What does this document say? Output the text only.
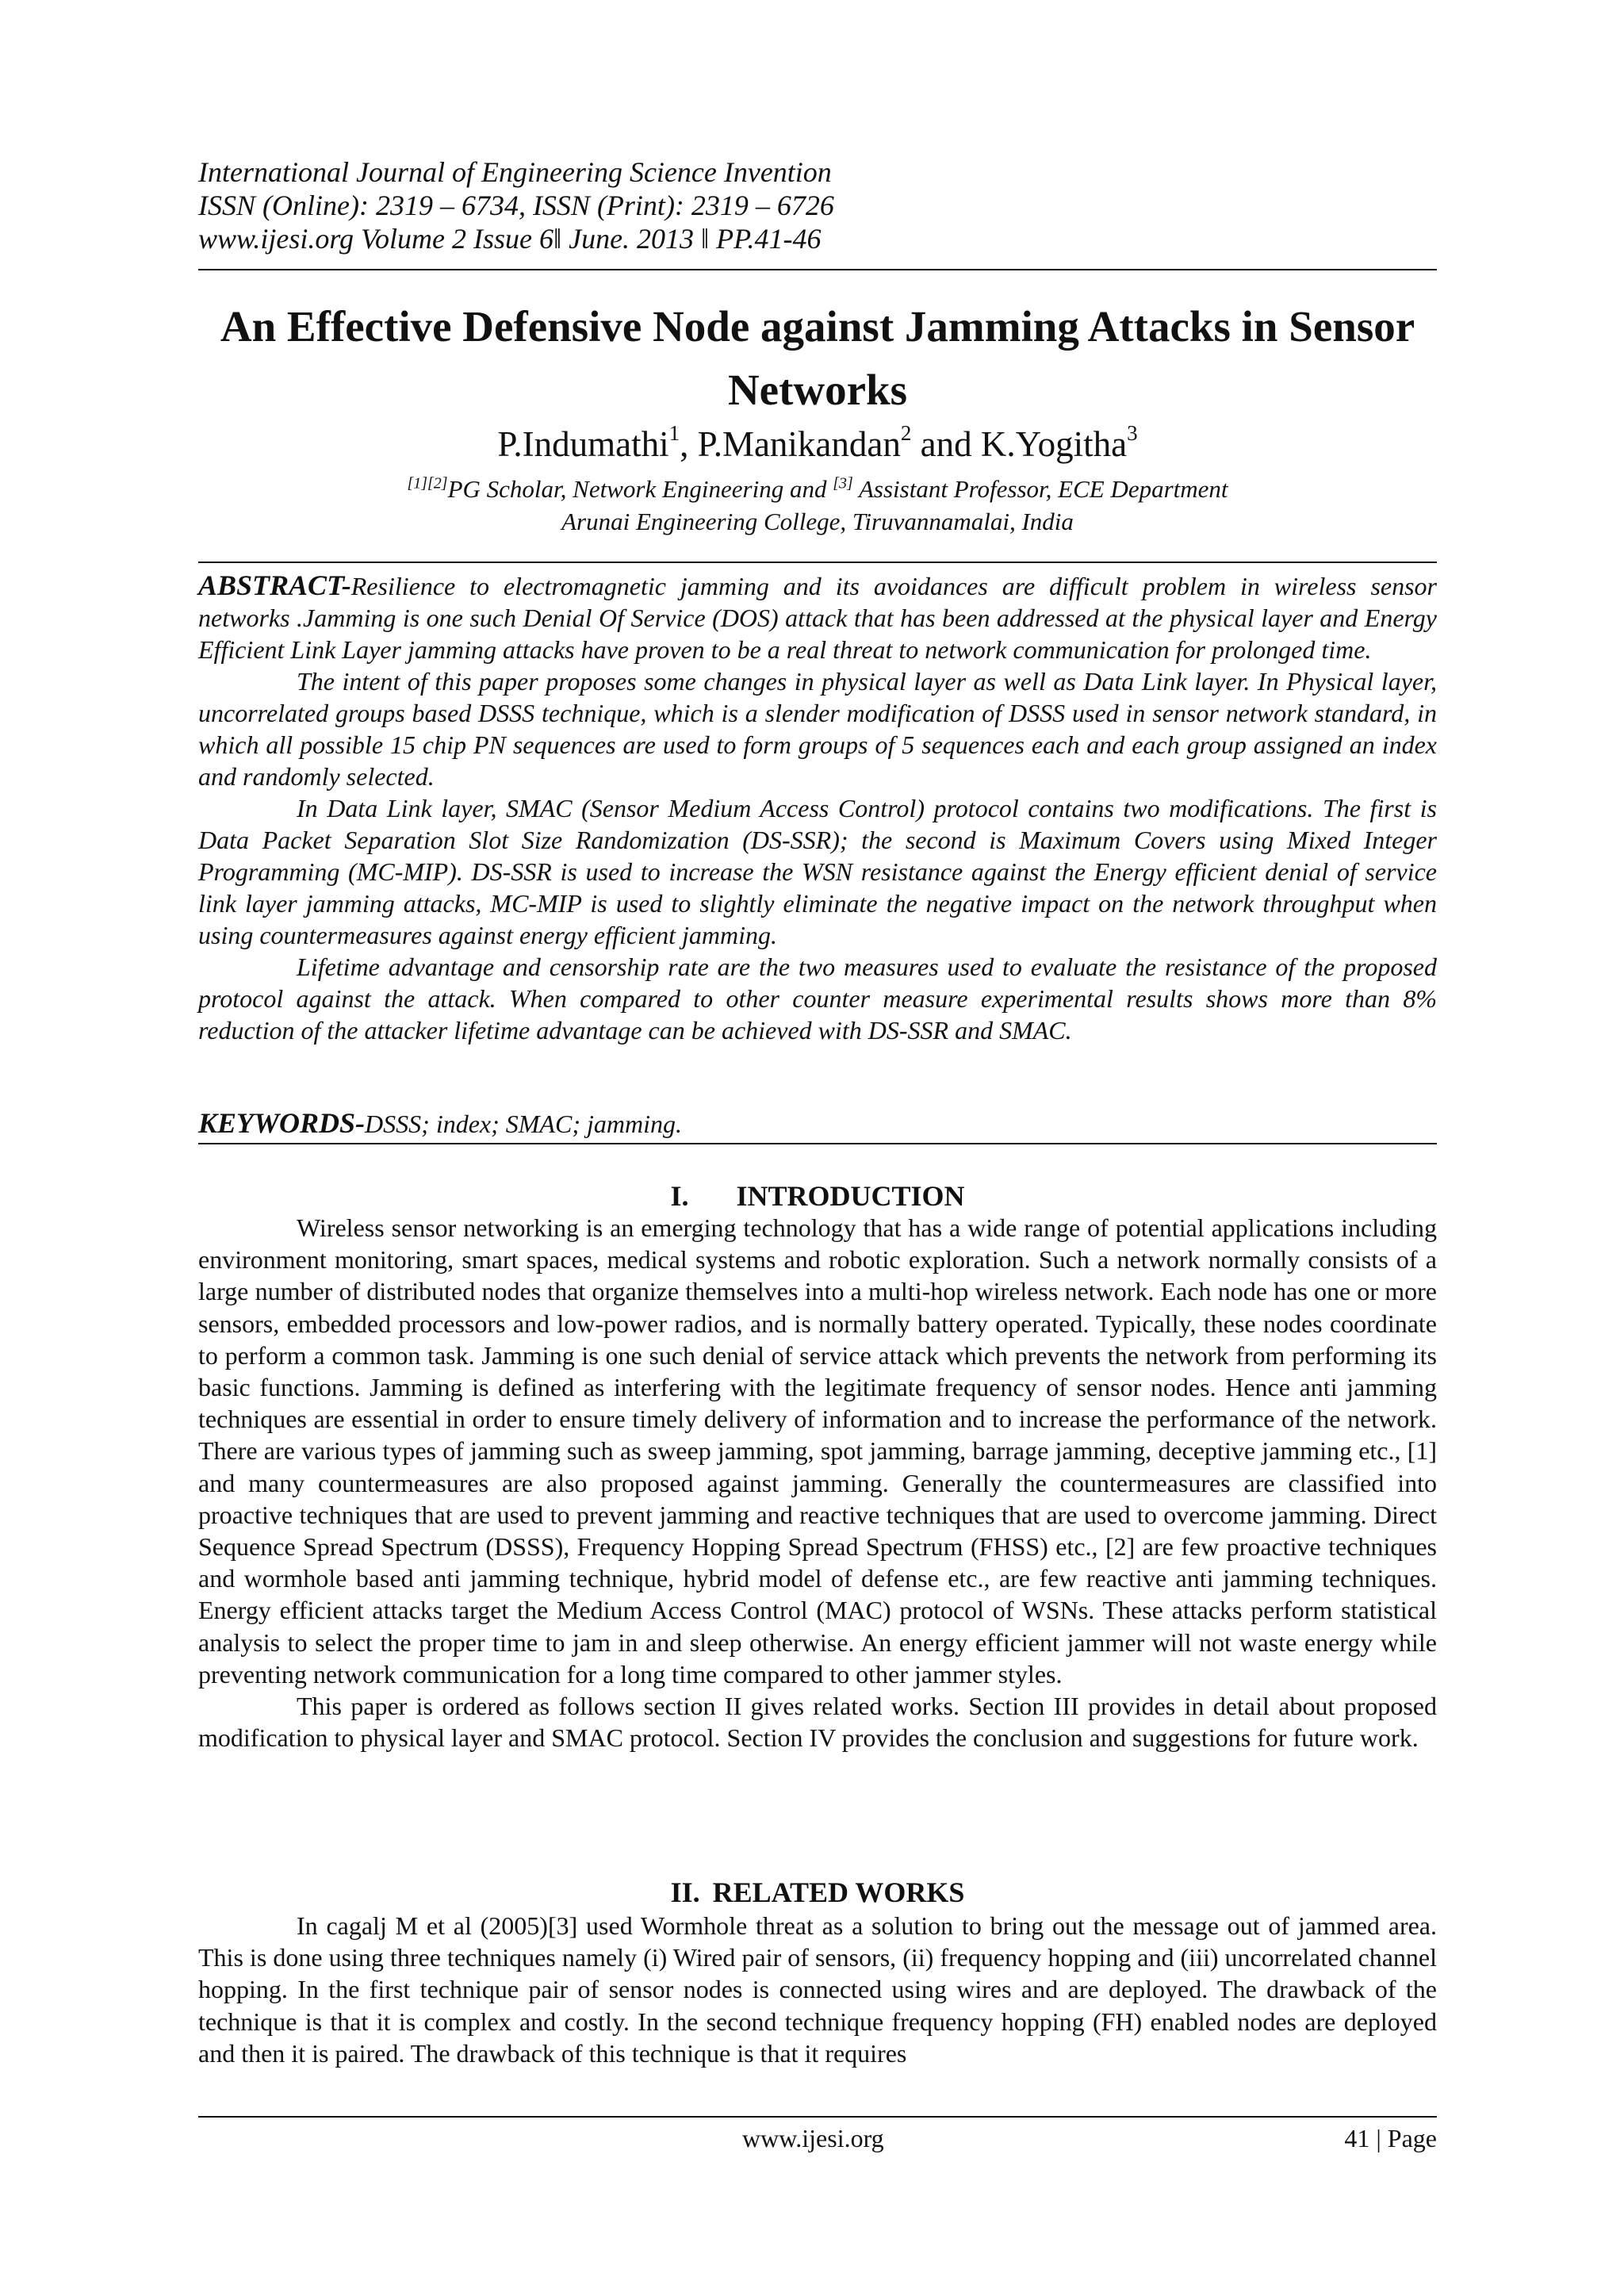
International Journal of Engineering Science Invention
ISSN (Online): 2319 – 6734, ISSN (Print): 2319 – 6726
www.ijesi.org Volume 2 Issue 6‖ June. 2013 ‖ PP.41-46
An Effective Defensive Node against Jamming Attacks in Sensor Networks
P.Indumathi$^1$, P.Manikandan$^2$ and K.Yogitha$^3$
[1][2]PG Scholar, Network Engineering and [3] Assistant Professor, ECE Department
Arunai Engineering College, Tiruvannamalai, India

ABSTRACT-Resilience to electromagnetic jamming and its avoidances are difficult problem in wireless sensor networks .Jamming is one such Denial Of Service (DOS) attack that has been addressed at the physical layer and Energy Efficient Link Layer jamming attacks have proven to be a real threat to network communication for prolonged time.

The intent of this paper proposes some changes in physical layer as well as Data Link layer. In Physical layer, uncorrelated groups based DSSS technique, which is a slender modification of DSSS used in sensor network standard, in which all possible 15 chip PN sequences are used to form groups of 5 sequences each and each group assigned an index and randomly selected.

In Data Link layer, SMAC (Sensor Medium Access Control) protocol contains two modifications. The first is Data Packet Separation Slot Size Randomization (DS-SSR); the second is Maximum Covers using Mixed Integer Programming (MC-MIP). DS-SSR is used to increase the WSN resistance against the Energy efficient denial of service link layer jamming attacks, MC-MIP is used to slightly eliminate the negative impact on the network throughput when using countermeasures against energy efficient jamming.

Lifetime advantage and censorship rate are the two measures used to evaluate the resistance of the proposed protocol against the attack. When compared to other counter measure experimental results shows more than 8% reduction of the attacker lifetime advantage can be achieved with DS-SSR and SMAC.

KEYWORDS-DSSS; index; SMAC; jamming.
I. INTRODUCTION

Wireless sensor networking is an emerging technology that has a wide range of potential applications including environment monitoring, smart spaces, medical systems and robotic exploration. Such a network normally consists of a large number of distributed nodes that organize themselves into a multi-hop wireless network. Each node has one or more sensors, embedded processors and low-power radios, and is normally battery operated. Typically, these nodes coordinate to perform a common task. Jamming is one such denial of service attack which prevents the network from performing its basic functions. Jamming is defined as interfering with the legitimate frequency of sensor nodes. Hence anti jamming techniques are essential in order to ensure timely delivery of information and to increase the performance of the network. There are various types of jamming such as sweep jamming, spot jamming, barrage jamming, deceptive jamming etc., [1] and many countermeasures are also proposed against jamming. Generally the countermeasures are classified into proactive techniques that are used to prevent jamming and reactive techniques that are used to overcome jamming. Direct Sequence Spread Spectrum (DSSS), Frequency Hopping Spread Spectrum (FHSS) etc., [2] are few proactive techniques and wormhole based anti jamming technique, hybrid model of defense etc., are few reactive anti jamming techniques. Energy efficient attacks target the Medium Access Control (MAC) protocol of WSNs. These attacks perform statistical analysis to select the proper time to jam in and sleep otherwise. An energy efficient jammer will not waste energy while preventing network communication for a long time compared to other jammer styles.

This paper is ordered as follows section II gives related works. Section III provides in detail about proposed modification to physical layer and SMAC protocol. Section IV provides the conclusion and suggestions for future work.

II. RELATED WORKS

In cagalj M et al (2005)[3] used Wormhole threat as a solution to bring out the message out of jammed area. This is done using three techniques namely (i) Wired pair of sensors, (ii) frequency hopping and (iii) uncorrelated channel hopping. In the first technique pair of sensor nodes is connected using wires and are deployed. The drawback of the technique is that it is complex and costly. In the second technique frequency hopping (FH) enabled nodes are deployed and then it is paired. The drawback of this technique is that it requires

www.ijesi.org	41 | Page
